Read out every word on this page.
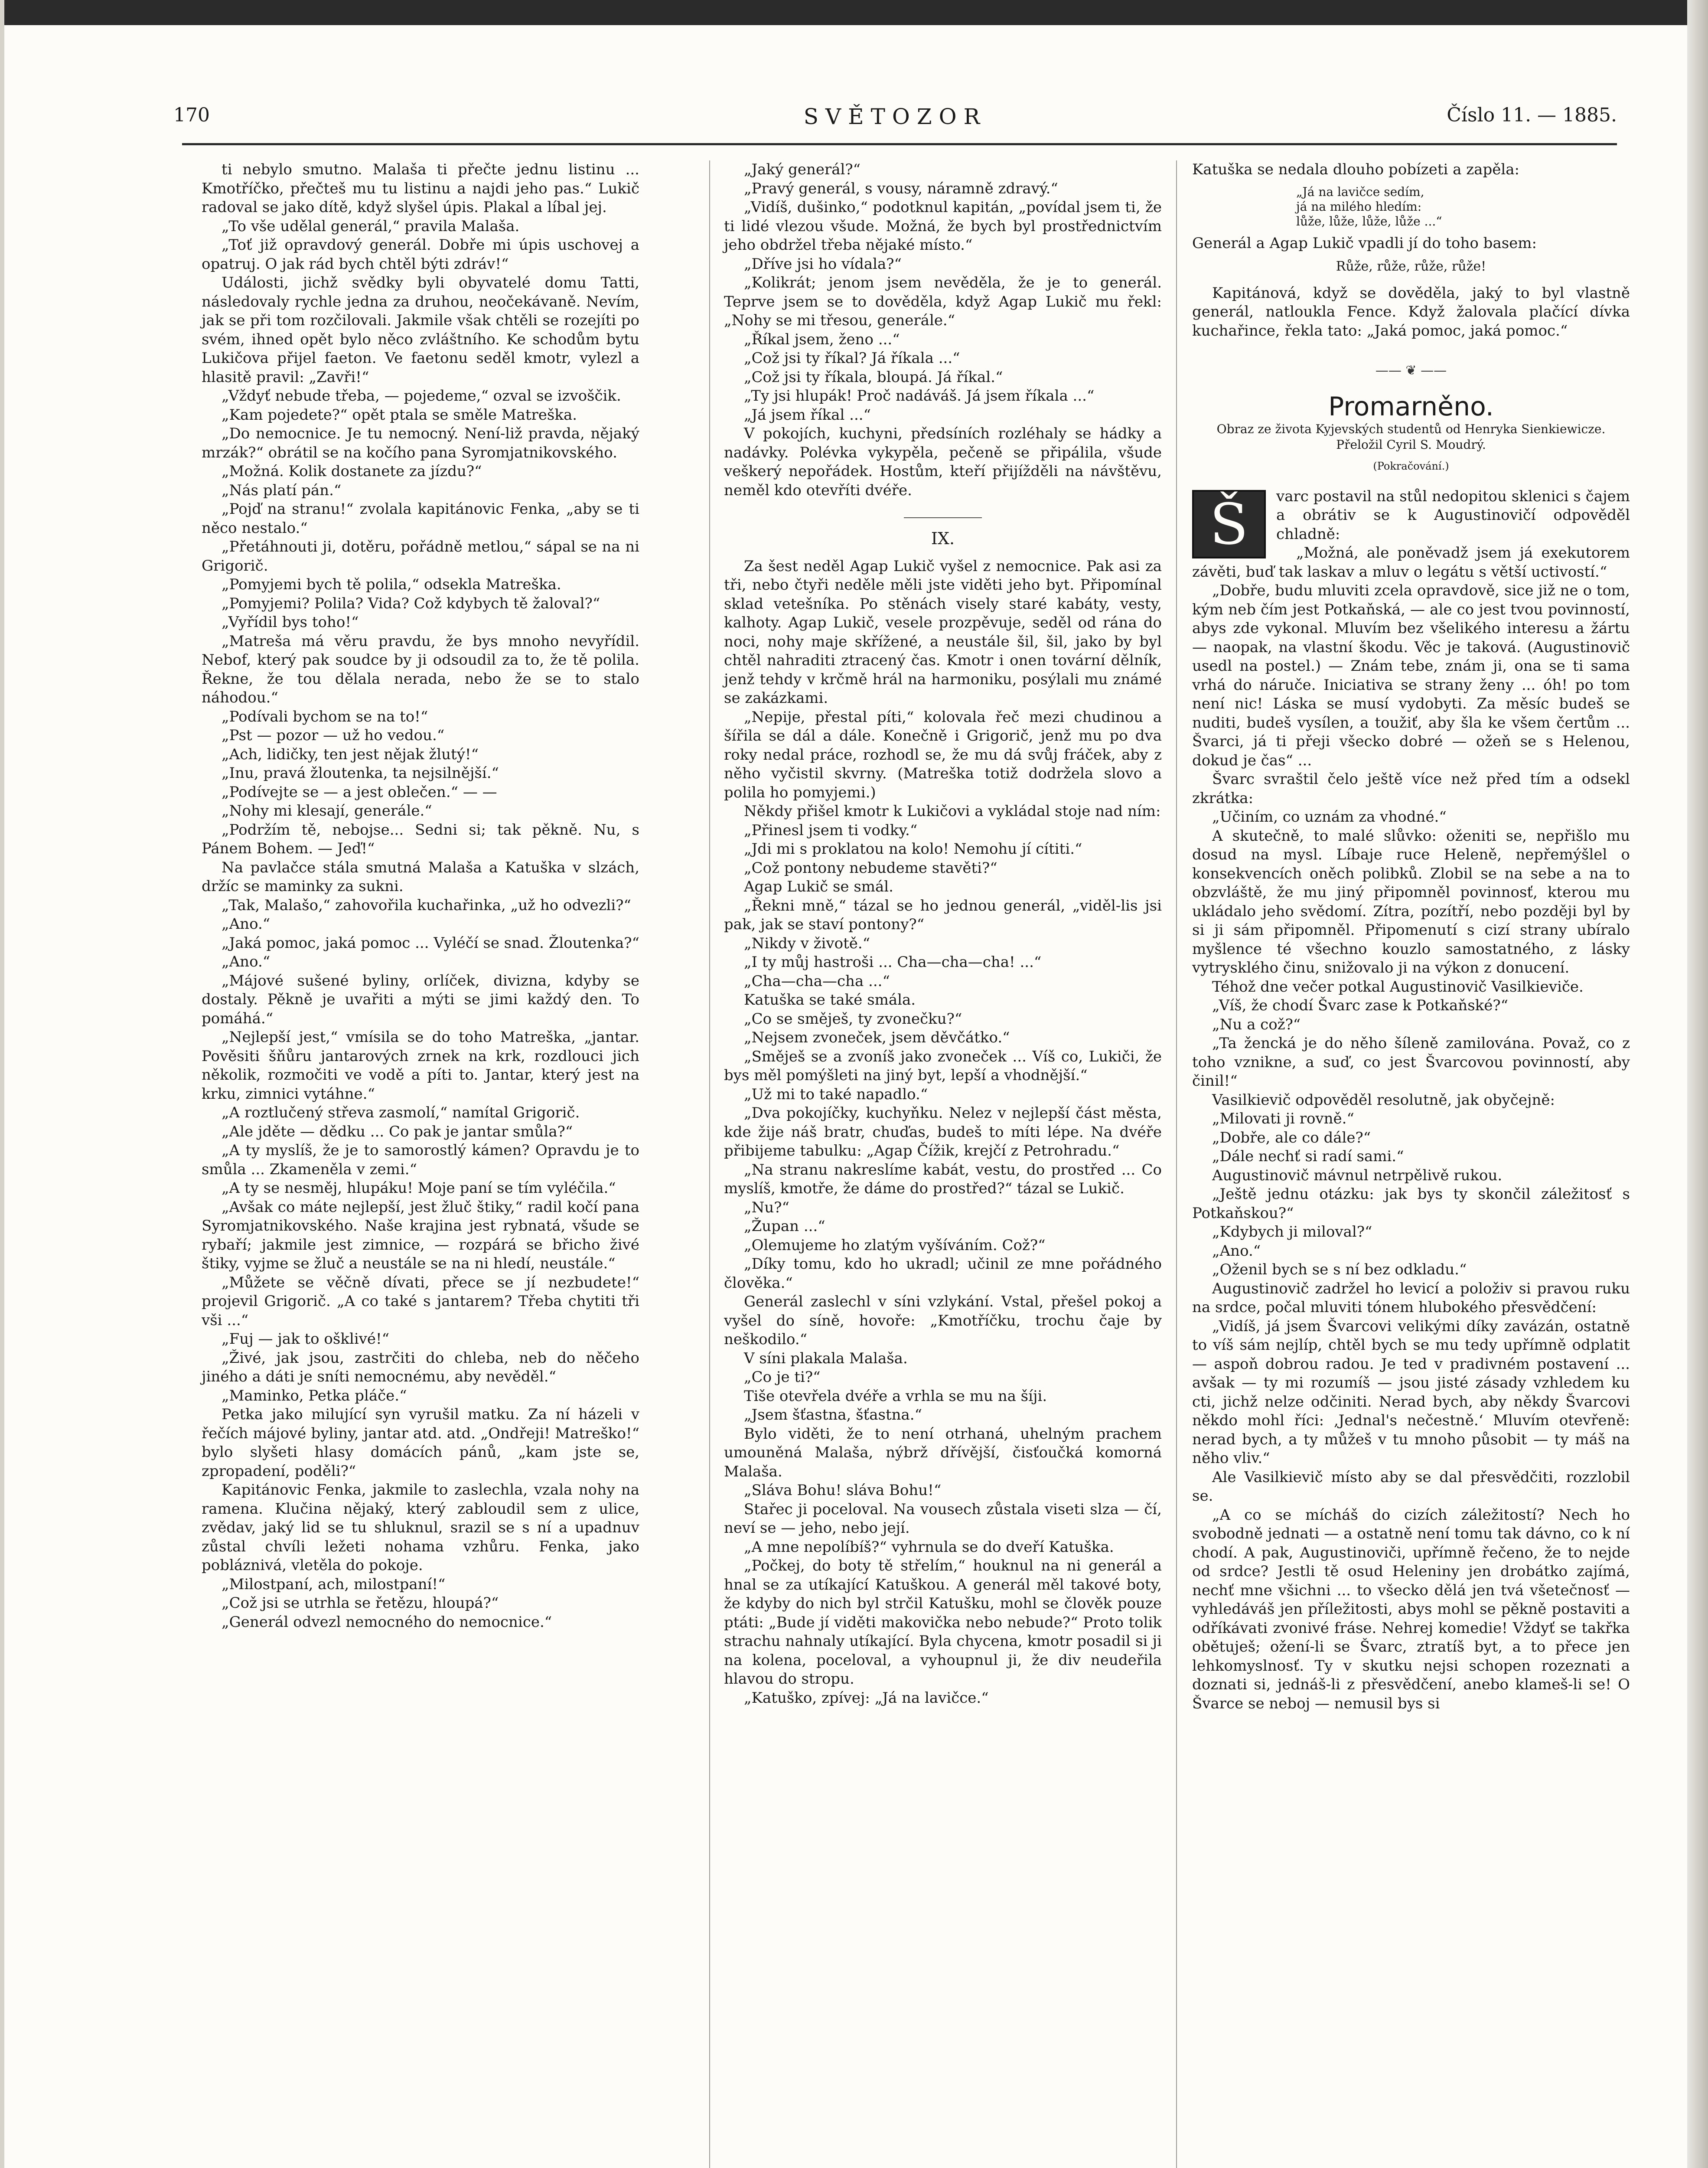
170	SVĚTOZOR	Číslo 11. — 1885.

ti nebylo smutno. Malaša ti přečte jednu listinu ... Kmotříčko, přečteš mu tu listinu a najdi jeho pas.“ Lukič radoval se jako dítě, když slyšel úpis. Plakal a líbal jej.

„To vše udělal generál,“ pravila Malaša.

„Toť již opravdový generál. Dobře mi úpis uschovej a opatruj. O jak rád bych chtěl býti zdráv!“

Události, jichž svědky byli obyvatelé domu Tatti, následovaly rychle jedna za druhou, neočekávaně. Nevím, jak se při tom rozčilovali. Jakmile však chtěli se rozejíti po svém, ihned opět bylo něco zvláštního. Ke schodům bytu Lukičova přijel faeton. Ve faetonu seděl kmotr, vylezl a hlasitě pravil: „Zavři!“

„Vždyť nebude třeba, — pojedeme,“ ozval se izvoščik.

„Kam pojedete?“ opět ptala se směle Matreška.

„Do nemocnice. Je tu nemocný. Není-liž pravda, nějaký mrzák?“ obrátil se na kočího pana Syromjatnikovského.

„Možná. Kolik dostanete za jízdu?“

„Nás platí pán.“

„Pojď na stranu!“ zvolala kapitánovic Fenka, „aby se ti něco nestalo.“

„Přetáhnouti ji, dotěru, pořádně metlou,“ sápal se na ni Grigorič.

„Pomyjemi bych tě polila,“ odsekla Matreška.

„Pomyjemi? Polila? Vida? Což kdybych tě žaloval?“

„Vyřídil bys toho!“

„Matreša má věru pravdu, že bys mnoho nevyřídil. Nebof, který pak soudce by ji odsoudil za to, že tě polila. Řekne, že tou dělala nerada, nebo že se to stalo náhodou.“

„Podívali bychom se na to!“

„Pst — pozor — už ho vedou.“

„Ach, lidičky, ten jest nějak žlutý!“

„Inu, pravá žloutenka, ta nejsilnější.“

„Podívejte se — a jest oblečen.“ — —

„Nohy mi klesají, generále.“

„Podržím tě, nebojse... Sedni si; tak pěkně. Nu, s Pánem Bohem. — Jeď!“

Na pavlačce stála smutná Malaša a Katuška v slzách, držíc se maminky za sukni.

„Tak, Malašo,“ zahovořila kuchařinka, „už ho odvezli?“

„Ano.“

„Jaká pomoc, jaká pomoc ... Vyléčí se snad. Žloutenka?“

„Ano.“

„Májové sušené byliny, orlíček, divizna, kdyby se dostaly. Pěkně je uvařiti a mýti se jimi každý den. To pomáhá.“

„Nejlepší jest,“ vmísila se do toho Matreška, „jantar. Pověsiti šňůru jantarových zrnek na krk, rozdlouci jich několik, rozmočiti ve vodě a píti to. Jantar, který jest na krku, zimnici vytáhne.“

„A roztlučený střeva zasmolí,“ namítal Grigorič.

„Ale jděte — dědku ... Co pak je jantar smůla?“

„A ty myslíš, že je to samorostlý kámen? Opravdu je to smůla ... Zkameněla v zemi.“

„A ty se nesměj, hlupáku! Moje paní se tím vyléčila.“

„Avšak co máte nejlepší, jest žluč štiky,“ radil kočí pana Syromjatnikovského. Naše krajina jest rybnatá, všude se rybaří; jakmile jest zimnice, — rozpárá se břicho živé štiky, vyjme se žluč a neustále se na ni hledí, neustále.“

„Můžete se věčně dívati, přece se jí nezbudete!“ projevil Grigorič. „A co také s jantarem? Třeba chytiti tři vši ...“

„Fuj — jak to ošklivé!“

„Živé, jak jsou, zastrčiti do chleba, neb do něčeho jiného a dáti je sníti nemocnému, aby nevěděl.“

„Maminko, Petka pláče.“

Petka jako milující syn vyrušil matku. Za ní házeli v řečích májové byliny, jantar atd. atd. „Ondřeji! Matreško!“ bylo slyšeti hlasy domácích pánů, „kam jste se, zpropadení, poděli?“

Kapitánovic Fenka, jakmile to zaslechla, vzala nohy na ramena. Klučina nějaký, který zabloudil sem z ulice, zvědav, jaký lid se tu shluknul, srazil se s ní a upadnuv zůstal chvíli ležeti nohama vzhůru. Fenka, jako pobláznivá, vletěla do pokoje.

„Milostpaní, ach, milostpaní!“

„Což jsi se utrhla se řetězu, hloupá?“

„Generál odvezl nemocného do nemocnice.“

„Jaký generál?“

„Pravý generál, s vousy, náramně zdravý.“

„Vidíš, dušinko,“ podotknul kapitán, „povídal jsem ti, že ti lidé vlezou všude. Možná, že bych byl prostřednictvím jeho obdržel třeba nějaké místo.“

„Dříve jsi ho vídala?“

„Kolikrát; jenom jsem nevěděla, že je to generál. Teprve jsem se to dověděla, když Agap Lukič mu řekl: „Nohy se mi třesou, generále.“

„Říkal jsem, ženo ...“

„Což jsi ty říkal? Já říkala ...“

„Což jsi ty říkala, bloupá. Já říkal.“

„Ty jsi hlupák! Proč nadáváš. Já jsem říkala ...“

„Já jsem říkal ...“

V pokojích, kuchyni, předsíních rozléhaly se hádky a nadávky. Polévka vykypěla, pečeně se připálila, všude veškerý nepořádek. Hostům, kteří přijížděli na návštěvu, neměl kdo otevříti dvéře.

IX.

Za šest neděl Agap Lukič vyšel z nemocnice. Pak asi za tři, nebo čtyři neděle měli jste viděti jeho byt. Připomínal sklad vetešníka. Po stěnách visely staré kabáty, vesty, kalhoty. Agap Lukič, vesele prozpěvuje, seděl od rána do noci, nohy maje skřížené, a neustále šil, šil, jako by byl chtěl nahraditi ztracený čas. Kmotr i onen tovární dělník, jenž tehdy v krčmě hrál na harmoniku, posýlali mu známé se zakázkami.

„Nepije, přestal píti,“ kolovala řeč mezi chudinou a šířila se dál a dále. Konečně i Grigorič, jenž mu po dva roky nedal práce, rozhodl se, že mu dá svůj fráček, aby z něho vyčistil skvrny. (Matreška totiž dodržela slovo a polila ho pomyjemi.)

Někdy přišel kmotr k Lukičovi a vykládal stoje nad ním:

„Přinesl jsem ti vodky.“

„Jdi mi s proklatou na kolo! Nemohu jí cítiti.“

„Což pontony nebudeme stavěti?“

Agap Lukič se smál.

„Řekni mně,“ tázal se ho jednou generál, „viděl-lis jsi pak, jak se staví pontony?“

„Nikdy v životě.“

„I ty můj hastroši ... Cha—cha—cha! ...“

„Cha—cha—cha ...“

Katuška se také smála.

„Co se směješ, ty zvonečku?“

„Nejsem zvoneček, jsem děvčátko.“

„Směješ se a zvoníš jako zvoneček ... Víš co, Lukiči, že bys měl pomýšleti na jiný byt, lepší a vhodnější.“

„Už mi to také napadlo.“

„Dva pokojíčky, kuchyňku. Nelez v nejlepší část města, kde žije náš bratr, chuďas, budeš to míti lépe. Na dvéře přibijeme tabulku: „Agap Čížik, krejčí z Petrohradu.“

„Na stranu nakreslíme kabát, vestu, do prostřed ... Co myslíš, kmotře, že dáme do prostřed?“ tázal se Lukič.

„Nu?“

„Župan ...“

„Olemujeme ho zlatým vyšíváním. Což?“

„Díky tomu, kdo ho ukradl; učinil ze mne pořádného člověka.“

Generál zaslechl v síni vzlykání. Vstal, přešel pokoj a vyšel do síně, hovoře: „Kmotříčku, trochu čaje by neškodilo.“

V síni plakala Malaša.

„Co je ti?“

Tiše otevřela dvéře a vrhla se mu na šíji.

„Jsem šťastna, šťastna.“

Bylo viděti, že to není otrhaná, uhelným prachem umouněná Malaša, nýbrž dřívější, čisťoučká komorná Malaša.

„Sláva Bohu! sláva Bohu!“

Stařec ji poceloval. Na vousech zůstala viseti slza — čí, neví se — jeho, nebo její.

„A mne nepolíbíš?“ vyhrnula se do dveří Katuška.

„Počkej, do boty tě střelím,“ houknul na ni generál a hnal se za utíkající Katuškou. A generál měl takové boty, že kdyby do nich byl strčil Katušku, mohl se člověk pouze ptáti: „Bude jí viděti makovička nebo nebude?“ Proto tolik strachu nahnaly utíkající. Byla chycena, kmotr posadil si ji na kolena, poceloval, a vyhoupnul ji, že div neudeřila hlavou do stropu.

„Katuško, zpívej: „Já na lavičce.“

Katuška se nedala dlouho pobízeti a zapěla:

„Já na lavičce sedím,
já na milého hledím:
lůže, lůže, lůže, lůže ...“

Generál a Agap Lukič vpadli jí do toho basem:

Růže, růže, růže, růže!

Kapitánová, když se dověděla, jaký to byl vlastně generál, natloukla Fence. Když žalovala plačící dívka kuchařince, řekla tato: „Jaká pomoc, jaká pomoc.“

—— ❦ ——
Promarněno.
Obraz ze života Kyjevských studentů od Henryka Sienkiewicze. Přeložil Cyril S. Moudrý.
(Pokračování.)
Š	varc postavil na stůl nedopitou sklenici s čajem a obrátiv se k Augustinovičí odpověděl chladně:

„Možná, ale poněvadž jsem já exekutorem závěti, buď tak laskav a mluv o legátu s větší uctivostí.“

„Dobře, budu mluviti zcela opravdově, sice již ne o tom, kým neb čím jest Potkaňská, — ale co jest tvou povinností, abys zde vykonal. Mluvím bez všelikého interesu a žártu — naopak, na vlastní škodu. Věc je taková. (Augustinovič usedl na postel.) — Znám tebe, znám ji, ona se ti sama vrhá do náruče. Iniciativa se strany ženy ... óh! po tom není nic! Láska se musí vydobyti. Za měsíc budeš se nuditi, budeš vysílen, a toužiť, aby šla ke všem čertům ... Švarci, já ti přeji všecko dobré — ožeň se s Helenou, dokud je čas“ ...

Švarc svraštil čelo ještě více než před tím a odsekl zkrátka:

„Učiním, co uznám za vhodné.“

A skutečně, to malé slůvko: oženiti se, nepřišlo mu dosud na mysl. Líbaje ruce Heleně, nepřemýšlel o konsekvencích oněch polibků. Zlobil se na sebe a na to obzvláště, že mu jiný připomněl povinnosť, kterou mu ukládalo jeho svědomí. Zítra, pozítří, nebo později byl by si ji sám připomněl. Připomenutí s cizí strany ubíralo myšlence té všechno kouzlo samostatného, z lásky vytryskléhо činu, snižovalo ji na výkon z donucení.

Téhož dne večer potkal Augustinovič Vasilkieviče.

„Víš, že chodí Švarc zase k Potkaňské?“

„Nu a což?“

„Ta žencká je do něho šíleně zamilována. Považ, co z toho vznikne, a suď, co jest Švarcovou povinností, aby činil!“

Vasilkievič odpověděl resolutně, jak obyčejně:

„Milovati ji rovně.“

„Dobře, ale co dále?“

„Dále nechť si radí sami.“

Augustinovič mávnul netrpělivě rukou.

„Ještě jednu otázku: jak bys ty skončil záležitosť s Potkaňskou?“

„Kdybych ji miloval?“

„Ano.“

„Oženil bych se s ní bez odkladu.“

Augustinovič zadržel ho levicí a položiv si pravou ruku na srdce, počal mluviti tónem hlubokého přesvědčení:

„Vidíš, já jsem Švarcovi velikými díky zavázán, ostatně to víš sám nejlíp, chtěl bych se mu tedy upřímně odplatit — aspoň dobrou radou. Je ted v pradivném postavení ... avšak — ty mi rozumíš — jsou jisté zásady vzhledem ku cti, jichž nelze odčiniti. Nerad bych, aby někdy Švarcovi někdo mohl říci: ‚Jednal's nečestně.‘ Mluvím otevřeně: nerad bych, a ty můžeš v tu mnoho působit — ty máš na něho vliv.“

Ale Vasilkievič místo aby se dal přesvědčiti, rozzlobil se.

„A co se mícháš do cizích záležitostí? Nech ho svobodně jednati — a ostatně není tomu tak dávno, co k ní chodí. A pak, Augustinoviči, upřímně řečeno, že to nejde od srdce? Jestli tě osud Heleniny jen drobátko zajímá, nechť mne všichni ... to všecko dělá jen tvá všetečnosť — vyhledáváš jen příležitosti, abys mohl se pěkně postaviti a odříkávati zvonivé fráse. Nehrej komedie! Vždyť se takřka obětuješ; ožení-li se Švarc, ztratíš byt, a to přece jen lehkomyslnosť. Ty v skutku nejsi schopen rozeznati a doznati si, jednáš-li z přesvědčení, anebo klameš-li se! O Švarce se neboj — nemusil bys si
